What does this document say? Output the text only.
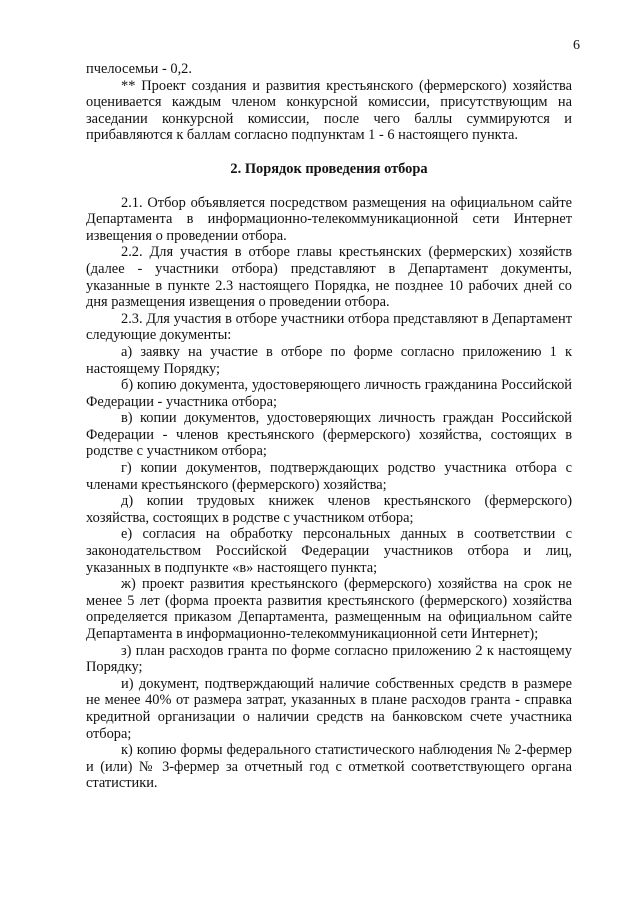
6

пчелосемьи - 0,2.

** Проект создания и развития крестьянского (фермерского) хозяйства оценивается каждым членом конкурсной комиссии, присутствующим на заседании конкурсной комиссии, после чего баллы суммируются и прибавляются к баллам согласно подпунктам 1 - 6 настоящего пункта.

2. Порядок проведения отбора

2.1. Отбор объявляется посредством размещения на официальном сайте Департамента в информационно-телекоммуникационной сети Интернет извещения о проведении отбора.

2.2. Для участия в отборе главы крестьянских (фермерских) хозяйств (далее - участники отбора) представляют в Департамент документы, указанные в пункте 2.3 настоящего Порядка, не позднее 10 рабочих дней со дня размещения извещения о проведении отбора.

2.3. Для участия в отборе участники отбора представляют в Департамент следующие документы:

а) заявку на участие в отборе по форме согласно приложению 1 к настоящему Порядку;

б) копию документа, удостоверяющего личность гражданина Российской Федерации - участника отбора;

в) копии документов, удостоверяющих личность граждан Российской Федерации - членов крестьянского (фермерского) хозяйства, состоящих в родстве с участником отбора;

г) копии документов, подтверждающих родство участника отбора с членами крестьянского (фермерского) хозяйства;

д) копии трудовых книжек членов крестьянского (фермерского) хозяйства, состоящих в родстве с участником отбора;

е) согласия на обработку персональных данных в соответствии с законодательством Российской Федерации участников отбора и лиц, указанных в подпункте «в» настоящего пункта;

ж) проект развития крестьянского (фермерского) хозяйства на срок не менее 5 лет (форма проекта развития крестьянского (фермерского) хозяйства определяется приказом Департамента, размещенным на официальном сайте Департамента в информационно-телекоммуникационной сети Интернет);

з) план расходов гранта по форме согласно приложению 2 к настоящему Порядку;

и) документ, подтверждающий наличие собственных средств в размере не менее 40% от размера затрат, указанных в плане расходов гранта - справка кредитной организации о наличии средств на банковском счете участника отбора;

к) копию формы федерального статистического наблюдения № 2-фермер и (или) № 3-фермер за отчетный год с отметкой соответствующего органа статистики.
